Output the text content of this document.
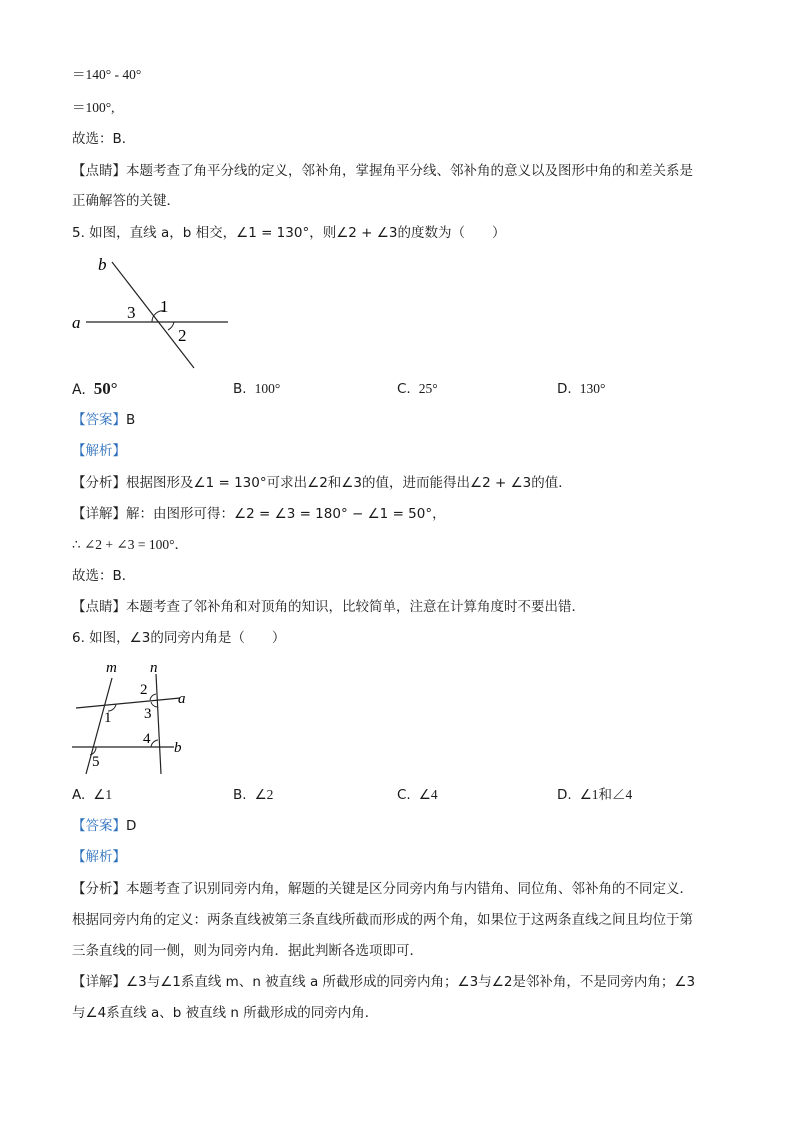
＝140° - 40°
＝100°,
故选：B．
【点睛】本题考查了角平分线的定义，邻补角，掌握角平分线、邻补角的意义以及图形中角的和差关系是
正确解答的关键．
5. 如图，直线 a，b 相交，∠1 = 130°，则∠2 + ∠3的度数为（　　）
b
a
3 1
2
A. 50°	B. 100°	C. 25°	D. 130°
【答案】B
【解析】
【分析】根据图形及∠1 = 130°可求出∠2和∠3的值，进而能得出∠2 + ∠3的值．
【详解】解：由图形可得：∠2 = ∠3 = 180° − ∠1 = 50°，
∴ ∠2 + ∠3 = 100°．
故选：B．
【点睛】本题考查了邻补角和对顶角的知识，比较简单，注意在计算角度时不要出错．
6. 如图，∠3的同旁内角是（　　）
m n
a
b
2
1 3
4
5
A. ∠1	B. ∠2	C. ∠4	D. ∠1和∠4
【答案】D
【解析】
【分析】本题考查了识别同旁内角，解题的关键是区分同旁内角与内错角、同位角、邻补角的不同定义．
根据同旁内角的定义：两条直线被第三条直线所截而形成的两个角，如果位于这两条直线之间且均位于第
三条直线的同一侧，则为同旁内角．据此判断各选项即可．
【详解】∠3与∠1系直线 m、n 被直线 a 所截形成的同旁内角；∠3与∠2是邻补角，不是同旁内角；∠3
与∠4系直线 a、b 被直线 n 所截形成的同旁内角．
